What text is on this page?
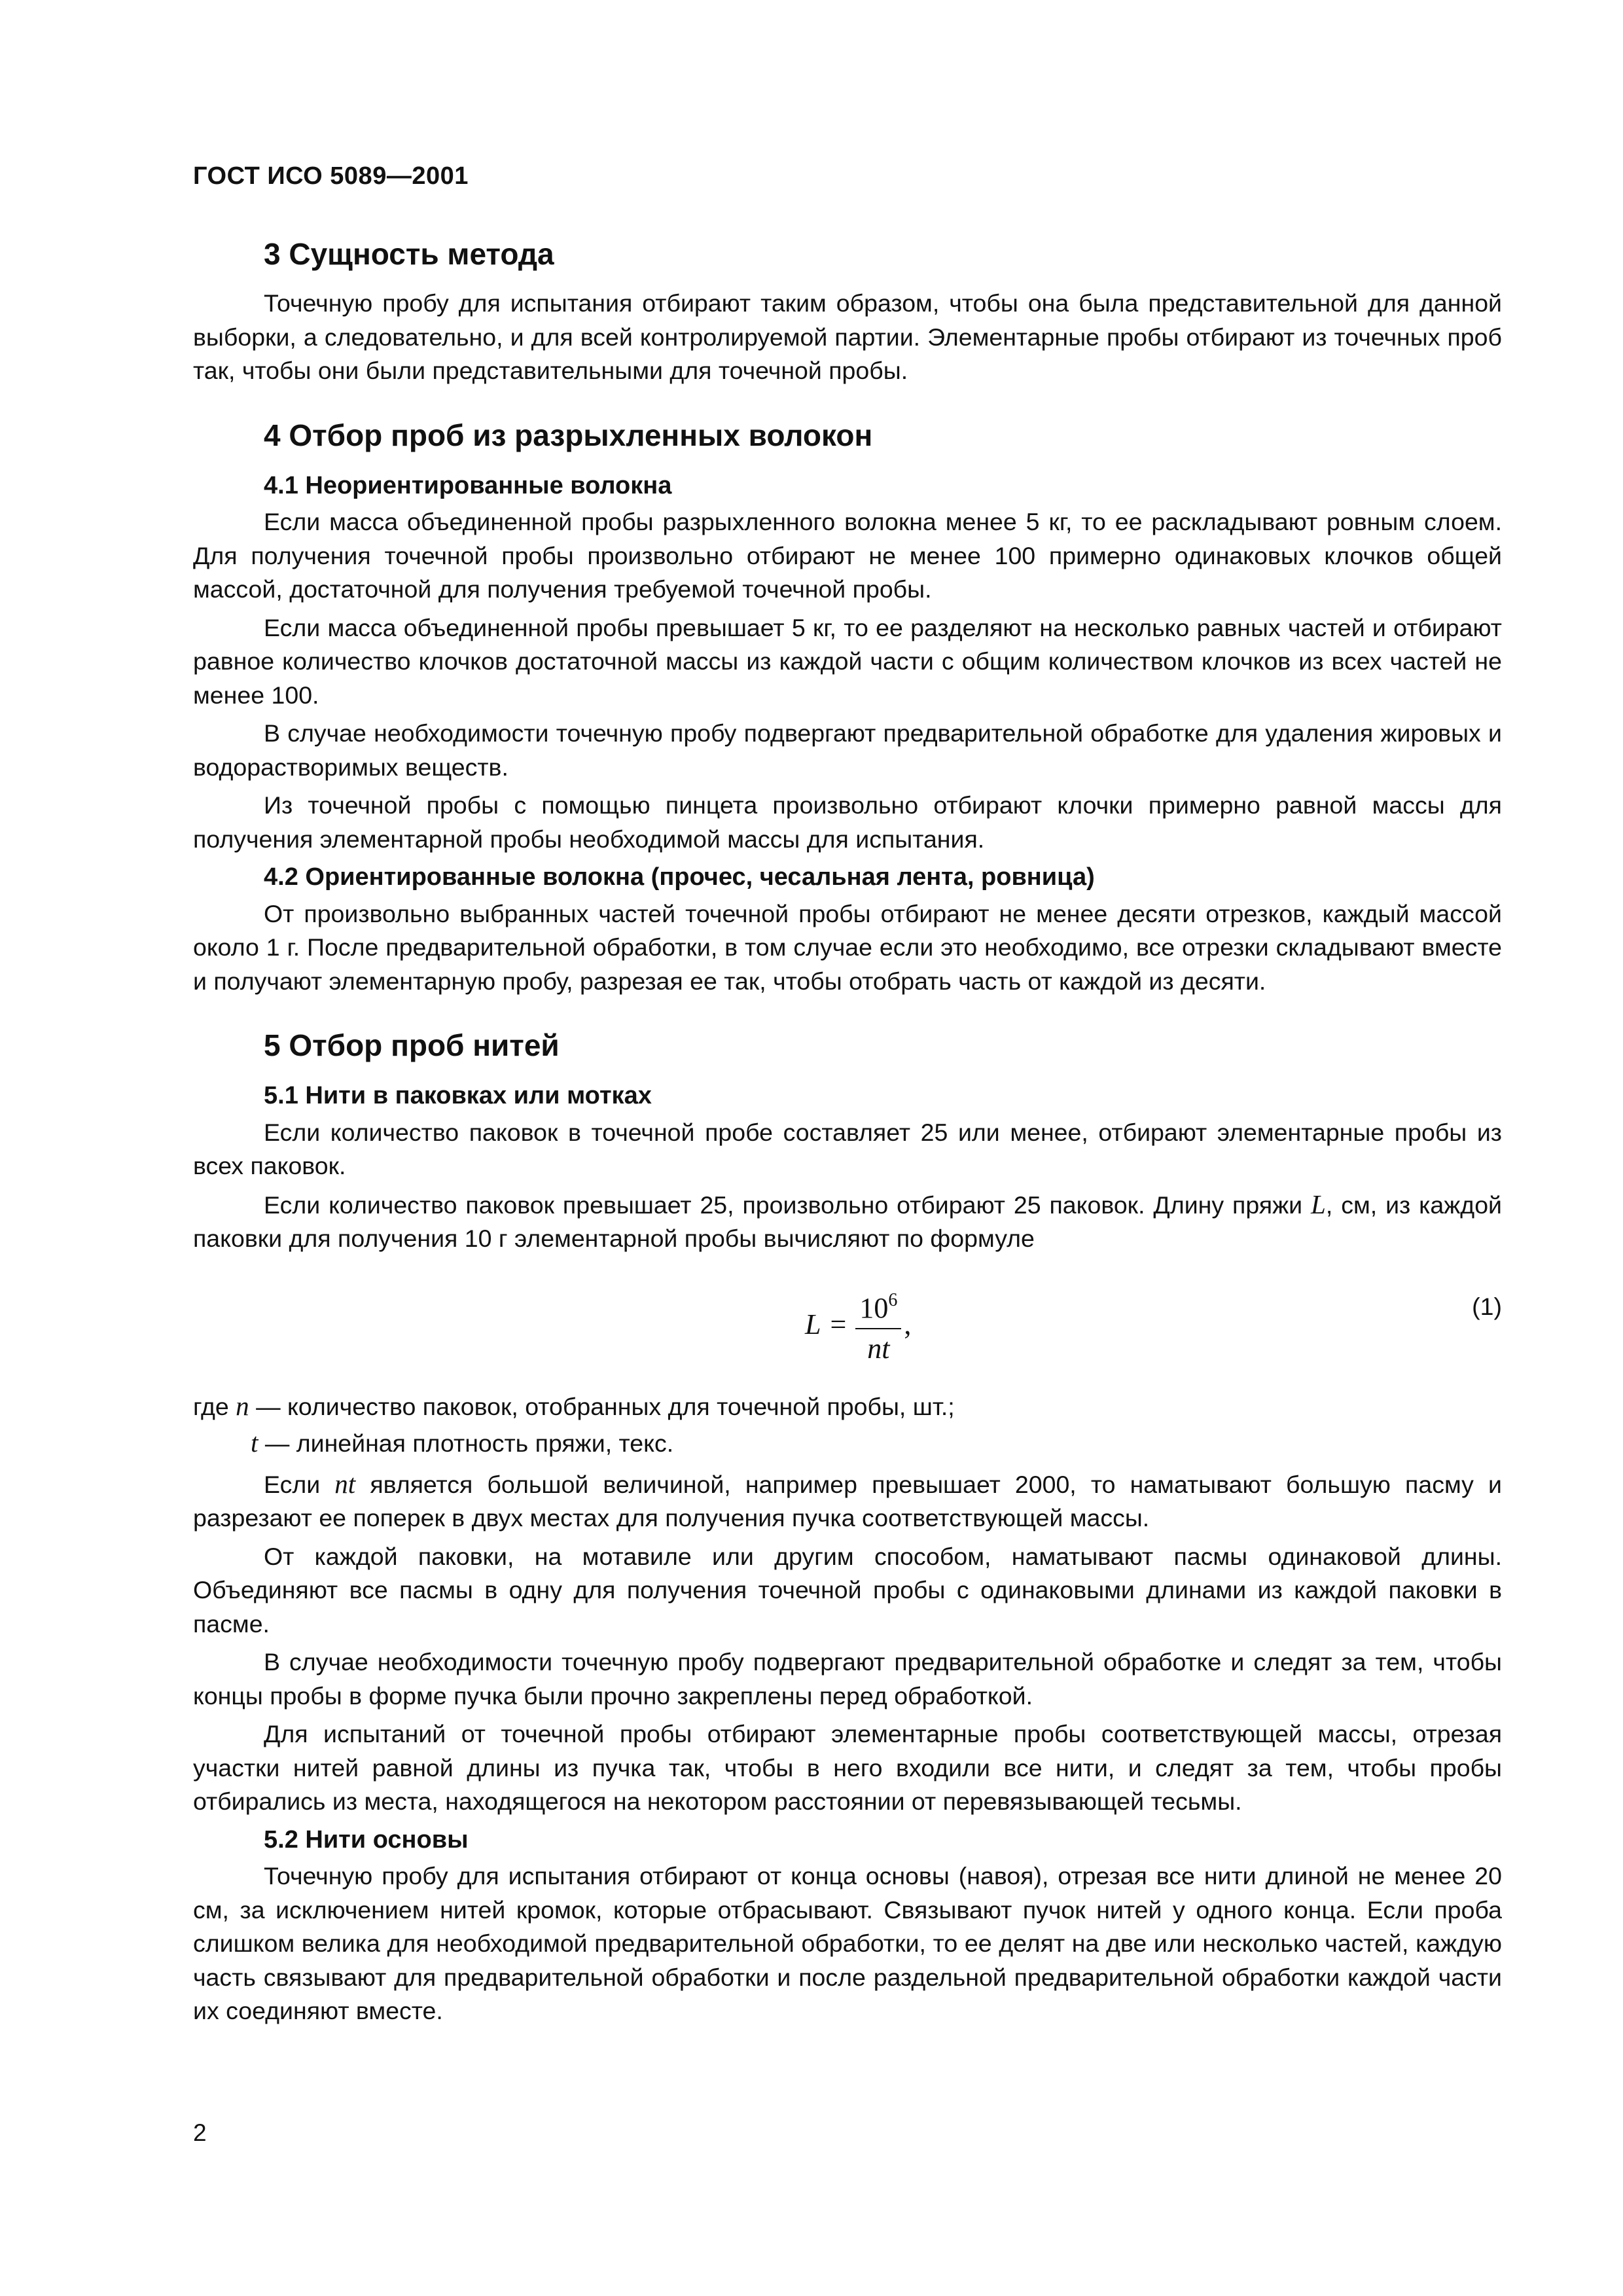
ГОСТ ИСО 5089—2001
3 Сущность метода

Точечную пробу для испытания отбирают таким образом, чтобы она была представительной для данной выборки, а следовательно, и для всей контролируемой партии. Элементарные пробы отбирают из точечных проб так, чтобы они были представительными для точечной пробы.

4 Отбор проб из разрыхленных волокон
4.1 Неориентированные волокна

Если масса объединенной пробы разрыхленного волокна менее 5 кг, то ее раскладывают ровным слоем. Для получения точечной пробы произвольно отбирают не менее 100 примерно одинаковых клочков общей массой, достаточной для получения требуемой точечной пробы.

Если масса объединенной пробы превышает 5 кг, то ее разделяют на несколько равных частей и отбирают равное количество клочков достаточной массы из каждой части с общим количеством клочков из всех частей не менее 100.

В случае необходимости точечную пробу подвергают предварительной обработке для удаления жировых и водорастворимых веществ.

Из точечной пробы с помощью пинцета произвольно отбирают клочки примерно равной массы для получения элементарной пробы необходимой массы для испытания.

4.2 Ориентированные волокна (прочес, чесальная лента, ровница)

От произвольно выбранных частей точечной пробы отбирают не менее десяти отрезков, каждый массой около 1 г. После предварительной обработки, в том случае если это необходимо, все отрезки складывают вместе и получают элементарную пробу, разрезая ее так, чтобы отобрать часть от каждой из десяти.

5 Отбор проб нитей
5.1 Нити в паковках или мотках

Если количество паковок в точечной пробе составляет 25 или менее, отбирают элементарные пробы из всех паковок.

Если количество паковок превышает 25, произвольно отбирают 25 паковок. Длину пряжи L, см, из каждой паковки для получения 10 г элементарной пробы вычисляют по формуле

$L = \frac{10^6}{nt}$ ,
(1)

где n — количество паковок, отобранных для точечной пробы, шт.;

t — линейная плотность пряжи, текс.

Если nt является большой величиной, например превышает 2000, то наматывают большую пасму и разрезают ее поперек в двух местах для получения пучка соответствующей массы.

От каждой паковки, на мотавиле или другим способом, наматывают пасмы одинаковой длины. Объединяют все пасмы в одну для получения точечной пробы с одинаковыми длинами из каждой паковки в пасме.

В случае необходимости точечную пробу подвергают предварительной обработке и следят за тем, чтобы концы пробы в форме пучка были прочно закреплены перед обработкой.

Для испытаний от точечной пробы отбирают элементарные пробы соответствующей массы, отрезая участки нитей равной длины из пучка так, чтобы в него входили все нити, и следят за тем, чтобы пробы отбирались из места, находящегося на некотором расстоянии от перевязывающей тесьмы.

5.2 Нити основы

Точечную пробу для испытания отбирают от конца основы (навоя), отрезая все нити длиной не менее 20 см, за исключением нитей кромок, которые отбрасывают. Связывают пучок нитей у одного конца. Если проба слишком велика для необходимой предварительной обработки, то ее делят на две или несколько частей, каждую часть связывают для предварительной обработки и после раздельной предварительной обработки каждой части их соединяют вместе.

2
